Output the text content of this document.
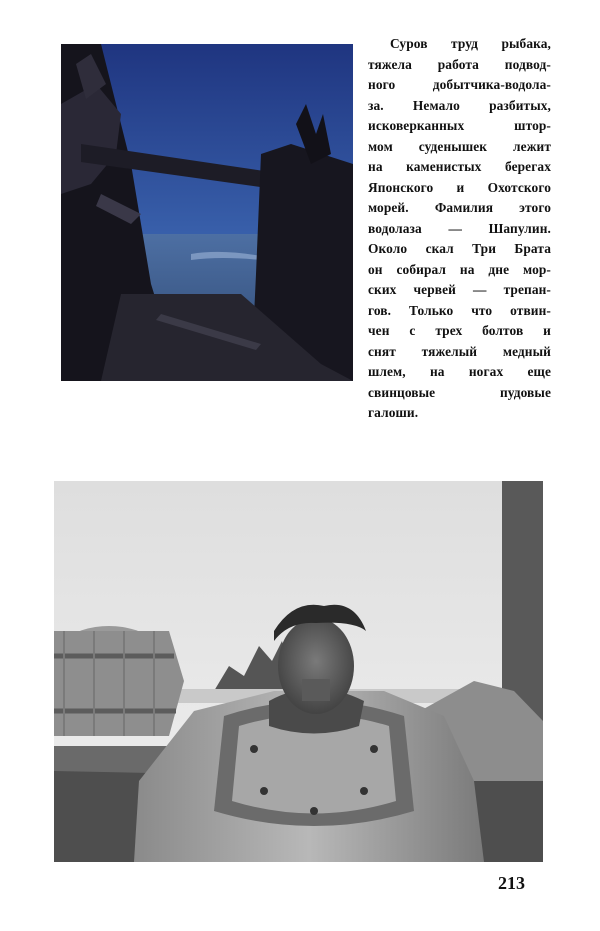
Суров труд рыбака,
тяжела работа подвод-
ного добытчика-водола-
за. Немало разбитых,
исковерканных штор-
мом суденышек лежит
на каменистых берегах
Японского и Охотского
морей. Фамилия этого
водолаза — Шапулин.
Около скал Три Брата
он собирал на дне мор-
ских червей — трепан-
гов. Только что отвин-
чен с трех болтов и
снят тяжелый медный
шлем, на ногах еще
свинцовые пудовые
галоши.
213
